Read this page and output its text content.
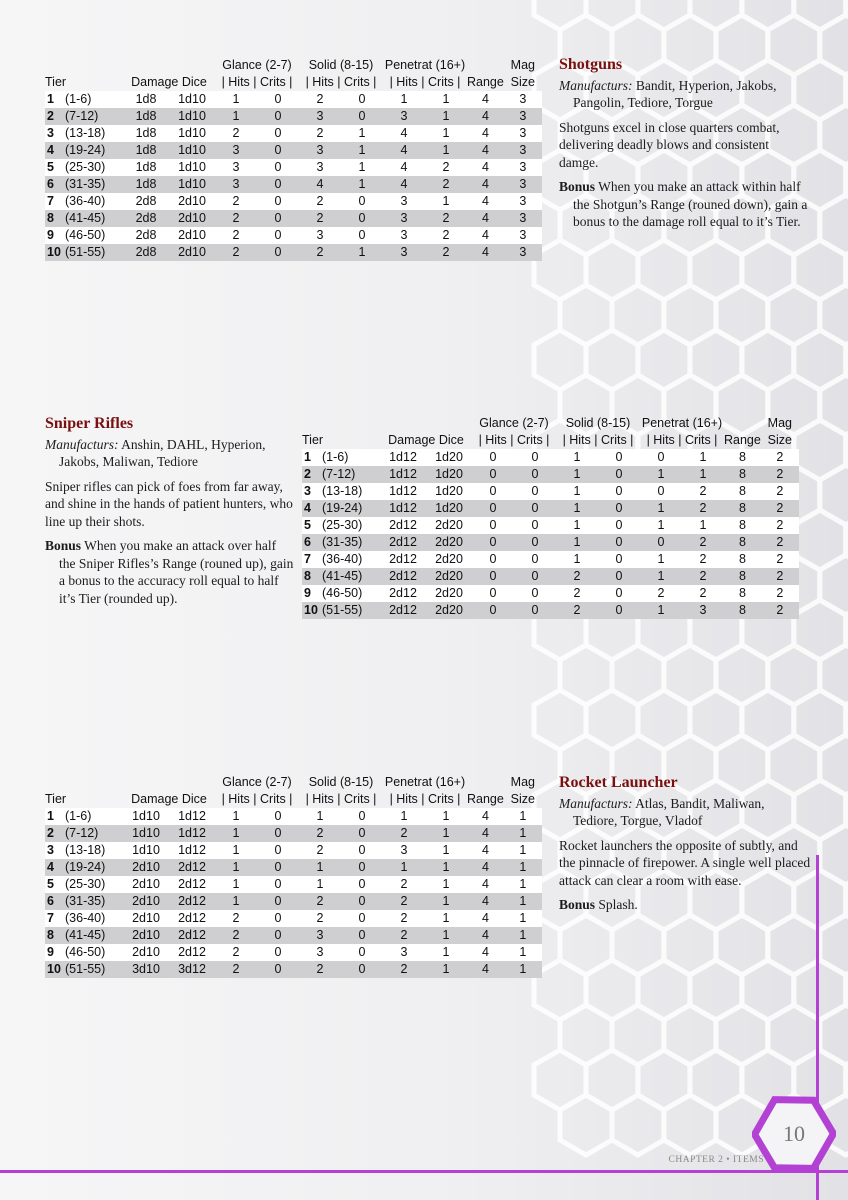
				Glance (2-7)		Solid (8-15)		Penetrat (16+)			Mag
Tier		Damage Dice		| Hits | Crits |		| Hits | Crits |		| Hits | Crits |		Range	Size
1	(1-6)	1d8	1d10	1	0	2	0	1	1	4	3
2	(7-12)	1d8	1d10	1	0	3	0	3	1	4	3
3	(13-18)	1d8	1d10	2	0	2	1	4	1	4	3
4	(19-24)	1d8	1d10	3	0	3	1	4	1	4	3
5	(25-30)	1d8	1d10	3	0	3	1	4	2	4	3
6	(31-35)	1d8	1d10	3	0	4	1	4	2	4	3
7	(36-40)	2d8	2d10	2	0	2	0	3	1	4	3
8	(41-45)	2d8	2d10	2	0	2	0	3	2	4	3
9	(46-50)	2d8	2d10	2	0	3	0	3	2	4	3
10	(51-55)	2d8	2d10	2	0	2	1	3	2	4	3
Shotguns

Manufacturs: Bandit, Hyperion, Jakobs, Pangolin, Tediore, Torgue

Shotguns excel in close quarters combat, delivering deadly blows and consistent damge.

Bonus When you make an attack within half the Shotgun’s Range (rouned down), gain a bonus to the damage roll equal to it’s Tier.

Sniper Rifles

Manufacturs: Anshin, DAHL, Hyperion, Jakobs, Maliwan, Tediore

Sniper rifles can pick of foes from far away, and shine in the hands of patient hunters, who line up their shots.

Bonus When you make an attack over half the Sniper Rifles’s Range (rouned up), gain a bonus to the accuracy roll equal to half it’s Tier (rounded up).

				Glance (2-7)		Solid (8-15)		Penetrat (16+)			Mag
Tier		Damage Dice		| Hits | Crits |		| Hits | Crits |		| Hits | Crits |		Range	Size
1	(1-6)	1d12	1d20	0	0	1	0	0	1	8	2
2	(7-12)	1d12	1d20	0	0	1	0	1	1	8	2
3	(13-18)	1d12	1d20	0	0	1	0	0	2	8	2
4	(19-24)	1d12	1d20	0	0	1	0	1	2	8	2
5	(25-30)	2d12	2d20	0	0	1	0	1	1	8	2
6	(31-35)	2d12	2d20	0	0	1	0	0	2	8	2
7	(36-40)	2d12	2d20	0	0	1	0	1	2	8	2
8	(41-45)	2d12	2d20	0	0	2	0	1	2	8	2
9	(46-50)	2d12	2d20	0	0	2	0	2	2	8	2
10	(51-55)	2d12	2d20	0	0	2	0	1	3	8	2
				Glance (2-7)		Solid (8-15)		Penetrat (16+)			Mag
Tier		Damage Dice		| Hits | Crits |		| Hits | Crits |		| Hits | Crits |		Range	Size
1	(1-6)	1d10	1d12	1	0	1	0	1	1	4	1
2	(7-12)	1d10	1d12	1	0	2	0	2	1	4	1
3	(13-18)	1d10	1d12	1	0	2	0	3	1	4	1
4	(19-24)	2d10	2d12	1	0	1	0	1	1	4	1
5	(25-30)	2d10	2d12	1	0	1	0	2	1	4	1
6	(31-35)	2d10	2d12	1	0	2	0	2	1	4	1
7	(36-40)	2d10	2d12	2	0	2	0	2	1	4	1
8	(41-45)	2d10	2d12	2	0	3	0	2	1	4	1
9	(46-50)	2d10	2d12	2	0	3	0	3	1	4	1
10	(51-55)	3d10	3d12	2	0	2	0	2	1	4	1
Rocket Launcher

Manufacturs: Atlas, Bandit, Maliwan, Tediore, Torgue, Vladof

Rocket launchers the opposite of subtly, and the pinnacle of firepower. A single well placed attack can clear a room with ease.

Bonus Splash.

CHAPTER 2 • ITEMS
10
